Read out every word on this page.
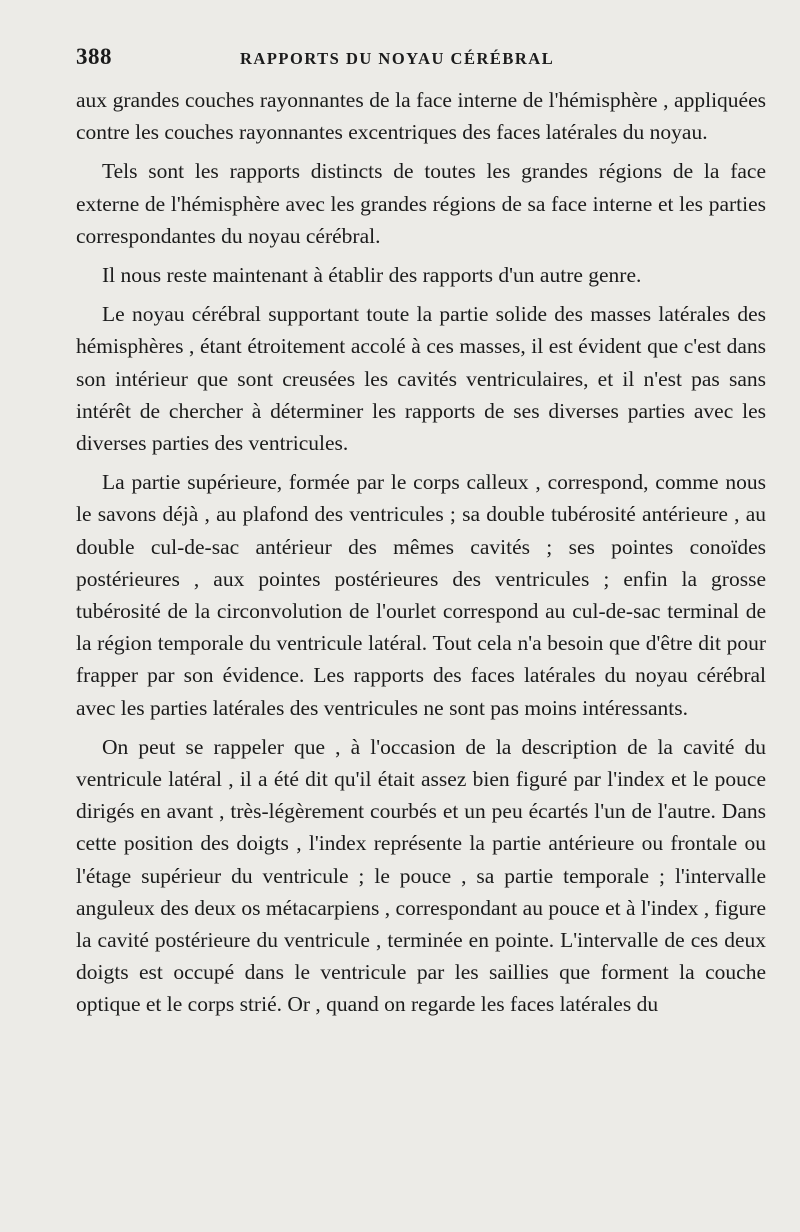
388	RAPPORTS DU NOYAU CÉRÉBRAL

aux grandes couches rayonnantes de la face interne de l'hémisphère , appliquées contre les couches rayonnantes excentriques des faces latérales du noyau.

Tels sont les rapports distincts de toutes les grandes régions de la face externe de l'hémisphère avec les grandes régions de sa face interne et les parties correspondantes du noyau cérébral.

Il nous reste maintenant à établir des rapports d'un autre genre.

Le noyau cérébral supportant toute la partie solide des masses latérales des hémisphères , étant étroitement accolé à ces masses, il est évident que c'est dans son intérieur que sont creusées les cavités ventriculaires, et il n'est pas sans intérêt de chercher à déterminer les rapports de ses diverses parties avec les diverses parties des ventricules.

La partie supérieure, formée par le corps calleux , correspond, comme nous le savons déjà , au plafond des ventricules ; sa double tubérosité antérieure , au double cul-de-sac antérieur des mêmes cavités ; ses pointes conoïdes postérieures , aux pointes postérieures des ventricules ; enfin la grosse tubérosité de la circonvolution de l'ourlet correspond au cul-de-sac terminal de la région temporale du ventricule latéral. Tout cela n'a besoin que d'être dit pour frapper par son évidence. Les rapports des faces latérales du noyau cérébral avec les parties latérales des ventricules ne sont pas moins intéressants.

On peut se rappeler que , à l'occasion de la description de la cavité du ventricule latéral , il a été dit qu'il était assez bien figuré par l'index et le pouce dirigés en avant , très-légèrement courbés et un peu écartés l'un de l'autre. Dans cette position des doigts , l'index représente la partie antérieure ou frontale ou l'étage supérieur du ventricule ; le pouce , sa partie temporale ; l'intervalle anguleux des deux os métacarpiens , correspondant au pouce et à l'index , figure la cavité postérieure du ventricule , terminée en pointe. L'intervalle de ces deux doigts est occupé dans le ventricule par les saillies que forment la couche optique et le corps strié. Or , quand on regarde les faces latérales du
